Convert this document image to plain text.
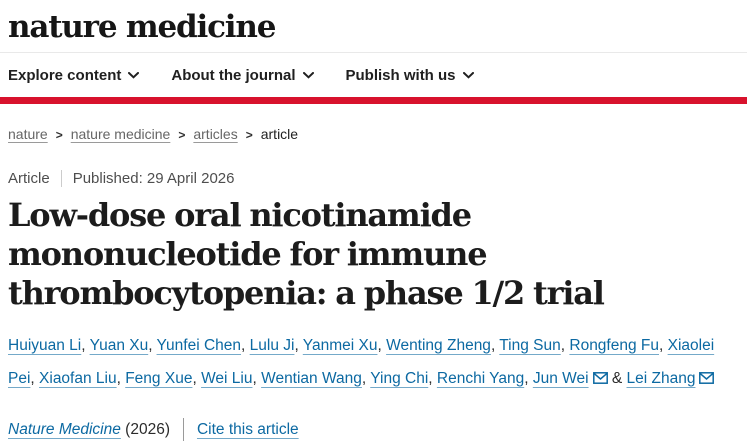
nature medicine
Explore content	About the journal	Publish with us
nature > nature medicine > articles > article
Article Published: 29 April 2026
Low-dose oral nicotinamide mononucleotide for immune thrombocytopenia: a phase 1/2 trial

Huiyuan Li, Yuan Xu, Yunfei Chen, Lulu Ji, Yanmei Xu, Wenting Zheng, Ting Sun, Rongfeng Fu, Xiaolei Pei, Xiaofan Liu, Feng Xue, Wei Liu, Wentian Wang, Ying Chi, Renchi Yang, Jun Wei & Lei Zhang

Nature Medicine (2026) Cite this article
